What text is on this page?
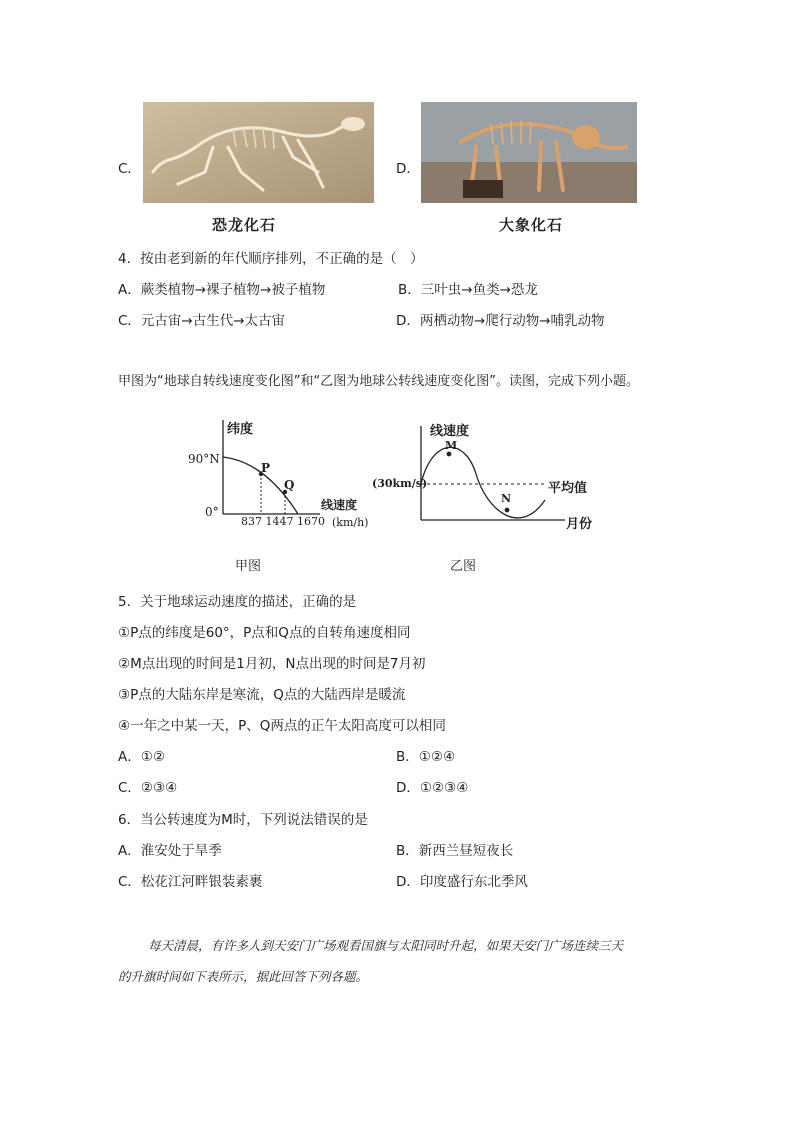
C．
恐龙化石
D．
大象化石
4．按由老到新的年代顺序排列，不正确的是（　）
A．蕨类植物→裸子植物→被子植物	B．三叶虫→鱼类→恐龙
C．元古宙→古生代→太古宙	D．两栖动物→爬行动物→哺乳动物
甲图为“地球自转线速度变化图”和“乙图为地球公转线速度变化图”。读图，完成下列小题。
纬度
90°N
0°
P
Q
线速度
837 1447 1670 (km/h)
甲图
线速度
(30km/s)
M
N
平均值
月份
乙图
5．关于地球运动速度的描述，正确的是
①P点的纬度是60°，P点和Q点的自转角速度相同
②M点出现的时间是1月初，N点出现的时间是7月初
③P点的大陆东岸是寒流，Q点的大陆西岸是暖流
④一年之中某一天，P、Q两点的正午太阳高度可以相同
A．①②	B．①②④
C．②③④	D．①②③④
6．当公转速度为M时，下列说法错误的是
A．淮安处于旱季	B．新西兰昼短夜长
C．松花江河畔银装素裹	D．印度盛行东北季风
每天清晨，有许多人到天安门广场观看国旗与太阳同时升起，如果天安门广场连续三天
的升旗时间如下表所示，据此回答下列各题。
